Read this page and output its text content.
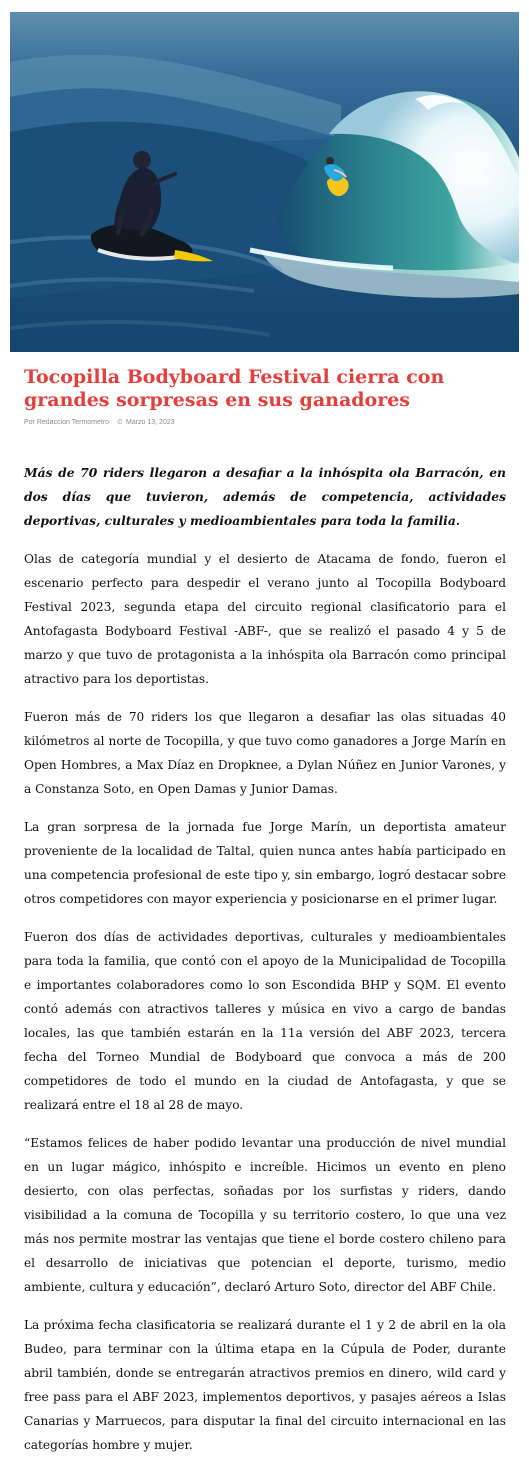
Tocopilla Bodyboard Festival cierra con grandes sorpresas en sus ganadores
Por Redaccion Termometro ⏲ Marzo 13, 2023

Más de 70 riders llegaron a desafiar a la inhóspita ola Barracón, en dos días que tuvieron, además de competencia, actividades deportivas, culturales y medioambientales para toda la familia.

Olas de categoría mundial y el desierto de Atacama de fondo, fueron el escenario perfecto para despedir el verano junto al Tocopilla Bodyboard Festival 2023, segunda etapa del circuito regional clasificatorio para el Antofagasta Bodyboard Festival -ABF-, que se realizó el pasado 4 y 5 de marzo y que tuvo de protagonista a la inhóspita ola Barracón como principal atractivo para los deportistas.

Fueron más de 70 riders los que llegaron a desafiar las olas situadas 40 kilómetros al norte de Tocopilla, y que tuvo como ganadores a Jorge Marín en Open Hombres, a Max Díaz en Dropknee, a Dylan Núñez en Junior Varones, y a Constanza Soto, en Open Damas y Junior Damas.

La gran sorpresa de la jornada fue Jorge Marín, un deportista amateur proveniente de la localidad de Taltal, quien nunca antes había participado en una competencia profesional de este tipo y, sin embargo, logró destacar sobre otros competidores con mayor experiencia y posicionarse en el primer lugar.

Fueron dos días de actividades deportivas, culturales y medioambientales para toda la familia, que contó con el apoyo de la Municipalidad de Tocopilla e importantes colaboradores como lo son Escondida BHP y SQM. El evento contó además con atractivos talleres y música en vivo a cargo de bandas locales, las que también estarán en la 11a versión del ABF 2023, tercera fecha del Torneo Mundial de Bodyboard que convoca a más de 200 competidores de todo el mundo en la ciudad de Antofagasta, y que se realizará entre el 18 al 28 de mayo.

“Estamos felices de haber podido levantar una producción de nivel mundial en un lugar mágico, inhóspito e increíble. Hicimos un evento en pleno desierto, con olas perfectas, soñadas por los surfistas y riders, dando visibilidad a la comuna de Tocopilla y su territorio costero, lo que una vez más nos permite mostrar las ventajas que tiene el borde costero chileno para el desarrollo de iniciativas que potencian el deporte, turismo, medio ambiente, cultura y educación”, declaró Arturo Soto, director del ABF Chile.

La próxima fecha clasificatoria se realizará durante el 1 y 2 de abril en la ola Budeo, para terminar con la última etapa en la Cúpula de Poder, durante abril también, donde se entregarán atractivos premios en dinero, wild card y free pass para el ABF 2023, implementos deportivos, y pasajes aéreos a Islas Canarias y Marruecos, para disputar la final del circuito internacional en las categorías hombre y mujer.
